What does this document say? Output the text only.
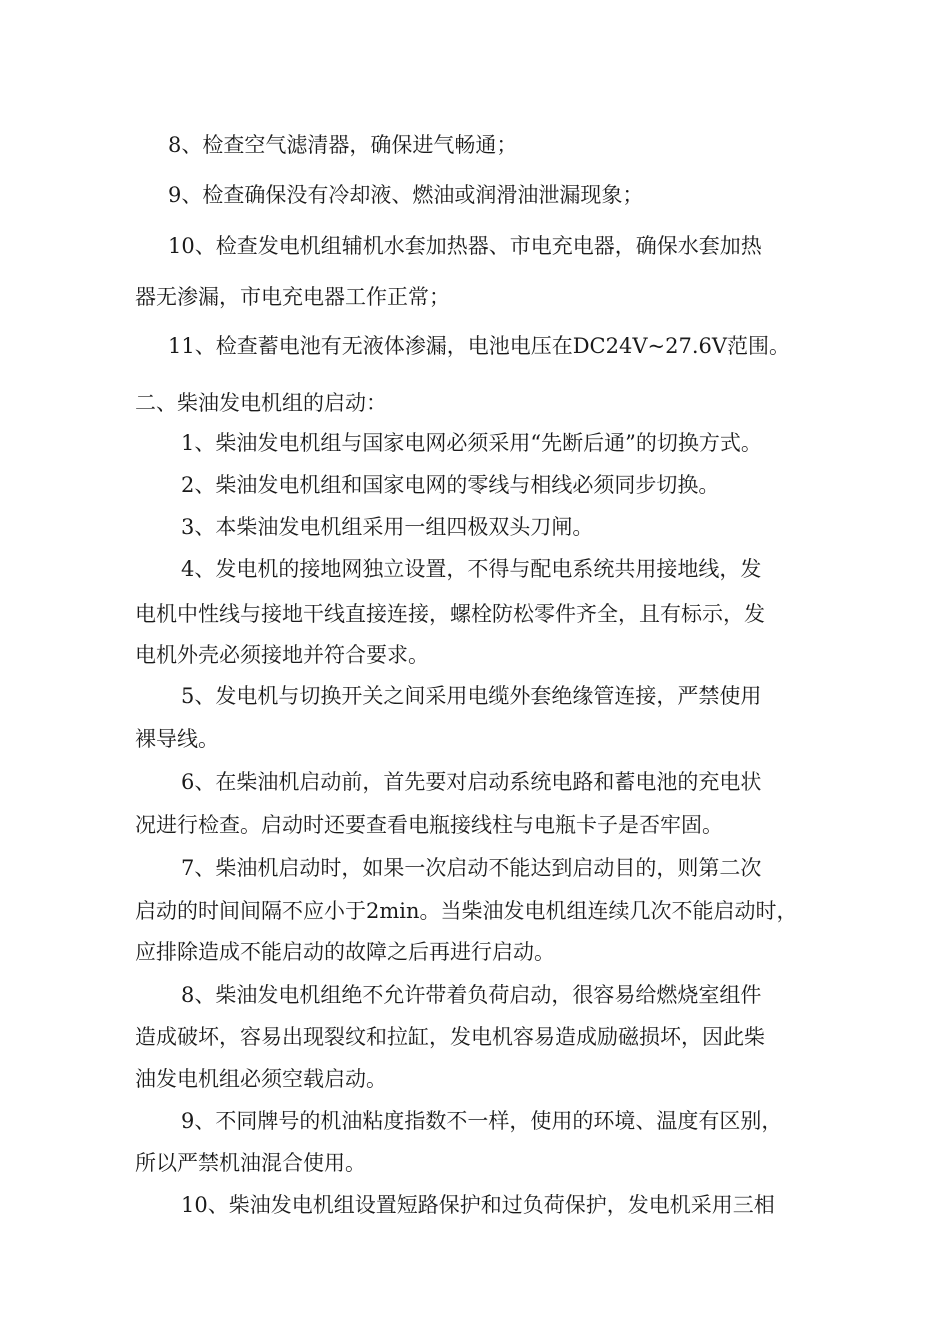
8、检查空气滤清器，确保进气畅通；

9、检查确保没有冷却液、燃油或润滑油泄漏现象；

10、检查发电机组辅机水套加热器、市电充电器，确保水套加热

器无渗漏，市电充电器工作正常；

11、检查蓄电池有无液体渗漏，电池电压在DC24V~27.6V范围。

二、柴油发电机组的启动：

1、柴油发电机组与国家电网必须采用“先断后通”的切换方式。

2、柴油发电机组和国家电网的零线与相线必须同步切换。

3、本柴油发电机组采用一组四极双头刀闸。

4、发电机的接地网独立设置，不得与配电系统共用接地线，发

电机中性线与接地干线直接连接，螺栓防松零件齐全，且有标示，发

电机外壳必须接地并符合要求。

5、发电机与切换开关之间采用电缆外套绝缘管连接，严禁使用

裸导线。

6、在柴油机启动前，首先要对启动系统电路和蓄电池的充电状

况进行检查。启动时还要查看电瓶接线柱与电瓶卡子是否牢固。

7、柴油机启动时，如果一次启动不能达到启动目的，则第二次

启动的时间间隔不应小于2min。当柴油发电机组连续几次不能启动时，

应排除造成不能启动的故障之后再进行启动。

8、柴油发电机组绝不允许带着负荷启动，很容易给燃烧室组件

造成破坏，容易出现裂纹和拉缸，发电机容易造成励磁损坏，因此柴

油发电机组必须空载启动。

9、不同牌号的机油粘度指数不一样，使用的环境、温度有区别，

所以严禁机油混合使用。

10、柴油发电机组设置短路保护和过负荷保护，发电机采用三相
